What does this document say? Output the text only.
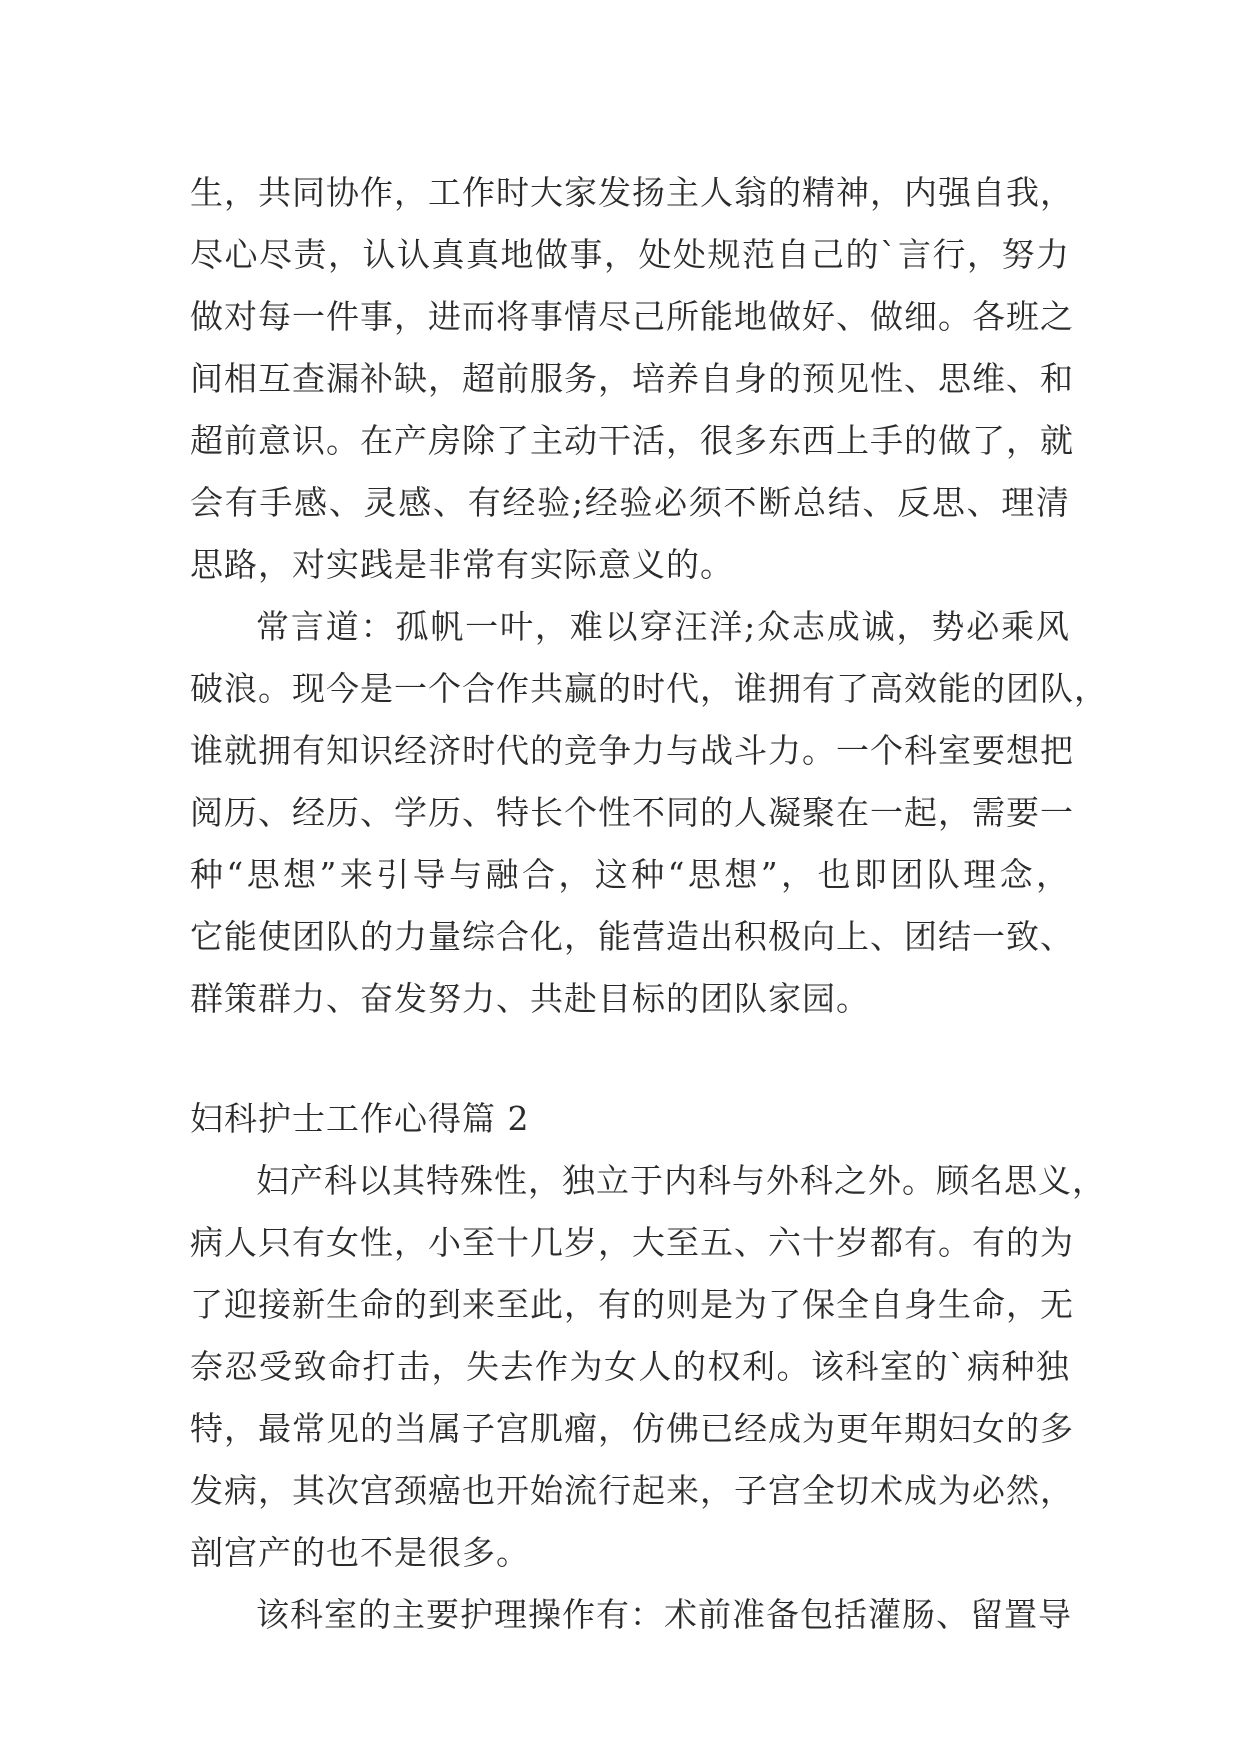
生，共同协作，工作时大家发扬主人翁的精神，内强自我，
尽心尽责，认认真真地做事，处处规范自己的`言行，努力
做对每一件事，进而将事情尽己所能地做好、做细。各班之
间相互查漏补缺，超前服务，培养自身的预见性、思维、和
超前意识。在产房除了主动干活，很多东西上手的做了，就
会有手感、灵感、有经验;经验必须不断总结、反思、理清
思路，对实践是非常有实际意义的。
常言道：孤帆一叶，难以穿汪洋;众志成诚，势必乘风
破浪。现今是一个合作共赢的时代，谁拥有了高效能的团队，
谁就拥有知识经济时代的竞争力与战斗力。一个科室要想把
阅历、经历、学历、特长个性不同的人凝聚在一起，需要一
种“思想”来引导与融合，这种“思想”，也即团队理念，
它能使团队的力量综合化，能营造出积极向上、团结一致、
群策群力、奋发努力、共赴目标的团队家园。
妇科护士工作心得篇 2
妇产科以其特殊性，独立于内科与外科之外。顾名思义，
病人只有女性，小至十几岁，大至五、六十岁都有。有的为
了迎接新生命的到来至此，有的则是为了保全自身生命，无
奈忍受致命打击，失去作为女人的权利。该科室的`病种独
特，最常见的当属子宫肌瘤，仿佛已经成为更年期妇女的多
发病，其次宫颈癌也开始流行起来，子宫全切术成为必然，
剖宫产的也不是很多。
该科室的主要护理操作有：术前准备包括灌肠、留置导
